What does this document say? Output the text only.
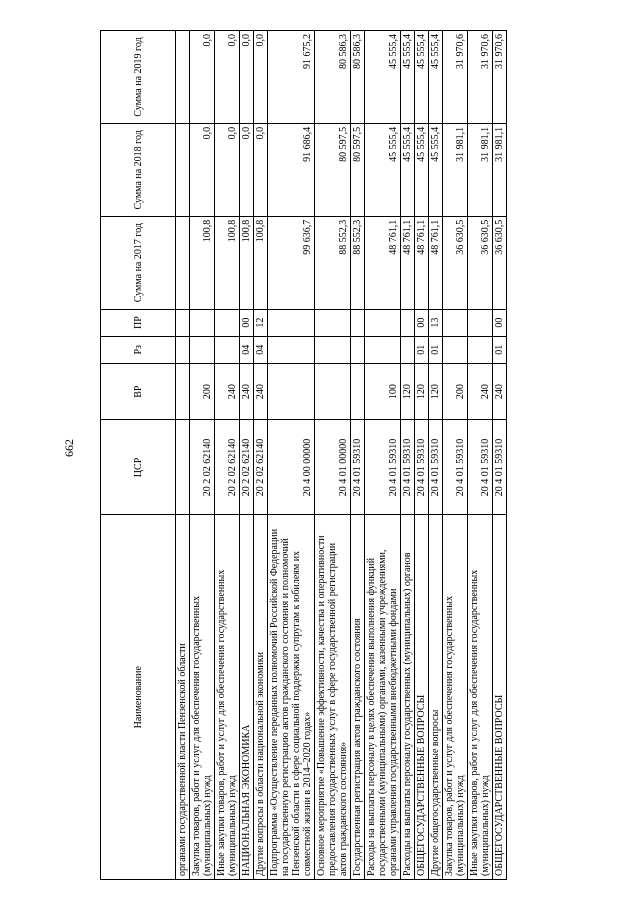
662
Наименование	ЦСР	ВР	Рз	ПР	Сумма на 2017 год	Сумма на 2018 год	Сумма на 2019 год
органами государственной власти Пензенской области							
Закупка товаров, работ и услуг для обеспечения государственных (муниципальных) нужд	20 2 02 62140	200			100,8	0,0	0,0
Иные закупки товаров, работ и услуг для обеспечения государственных (муниципальных) нужд	20 2 02 62140	240			100,8	0,0	0,0
НАЦИОНАЛЬНАЯ ЭКОНОМИКА	20 2 02 62140	240	04	00	100,8	0,0	0,0
Другие вопросы в области национальной экономики	20 2 02 62140	240	04	12	100,8	0,0	0,0
Подпрограмма «Осуществление переданных полномочий Российской Федерации на государственную регистрацию актов гражданского состояния и полномочий Пензенской области в сфере социальной поддержки супругам к юбилеям их совместной жизни в 2014–2020 годах»	20 4 00 00000				99 636,7	91 686,4	91 675,2
Основное мероприятие «Повышение эффективности, качества и оперативности предоставления государственных услуг в сфере государственной регистрации актов гражданского состояния»	20 4 01 00000				88 552,3	80 597,5	80 586,3
Государственная регистрация актов гражданского состояния	20 4 01 59310				88 552,3	80 597,5	80 586,3
Расходы на выплаты персоналу в целях обеспечения выполнения функций государственными (муниципальными) органами, казенными учреждениями, органами управления государственными внебюджетными фондами	20 4 01 59310	100			48 761,1	45 555,4	45 555,4
Расходы на выплаты персоналу государственных (муниципальных) органов	20 4 01 59310	120			48 761,1	45 555,4	45 555,4
ОБЩЕГОСУДАРСТВЕННЫЕ ВОПРОСЫ	20 4 01 59310	120	01	00	48 761,1	45 555,4	45 555,4
Другие общегосударственные вопросы	20 4 01 59310	120	01	13	48 761,1	45 555,4	45 555,4
Закупка товаров, работ и услуг для обеспечения государственных (муниципальных) нужд	20 4 01 59310	200			36 630,5	31 981,1	31 970,6
Иные закупки товаров, работ и услуг для обеспечения государственных (муниципальных) нужд	20 4 01 59310	240			36 630,5	31 981,1	31 970,6
ОБЩЕГОСУДАРСТВЕННЫЕ ВОПРОСЫ	20 4 01 59310	240	01	00	36 630,5	31 981,1	31 970,6
